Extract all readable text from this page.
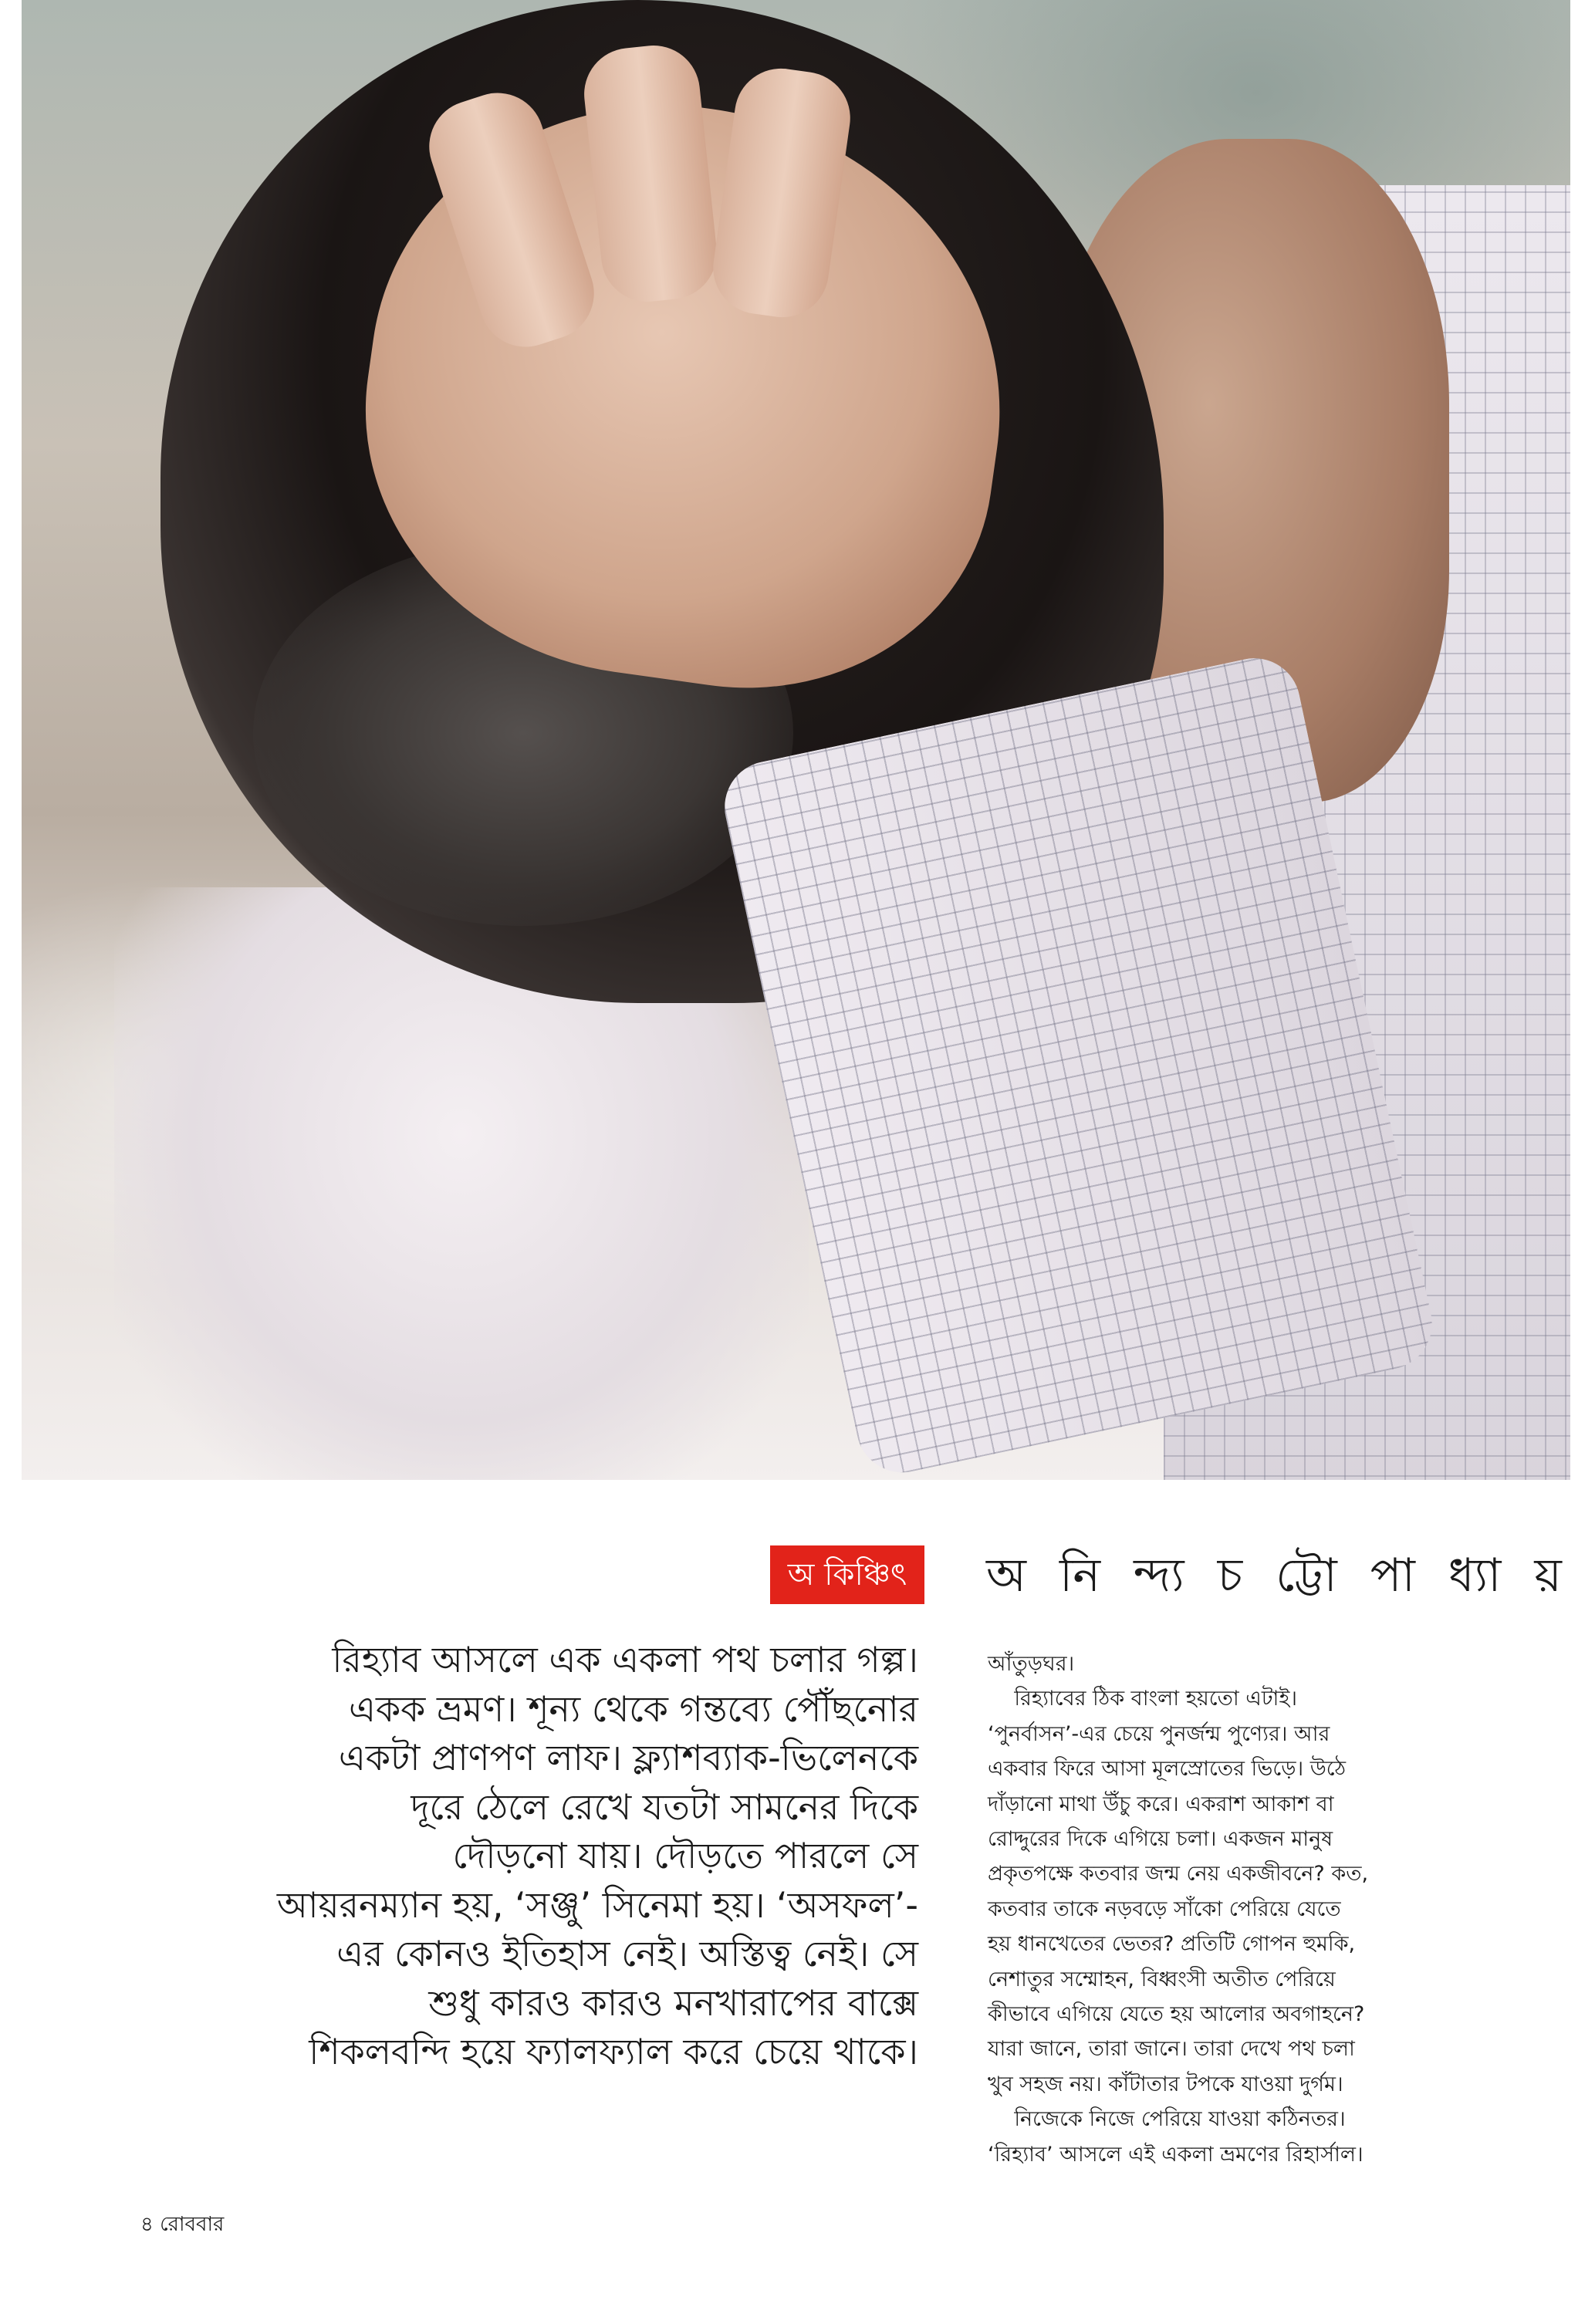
অ কিঞ্চিৎ	অ নি ন্দ্য চ ট্টো পা ধ্যা য়
রিহ্যাব আসলে এক একলা পথ চলার গল্প।
একক ভ্রমণ। শূন্য থেকে গন্তব্যে পৌঁছনোর
একটা প্রাণপণ লাফ। ফ্ল্যাশব্যাক-ভিলেনকে
দূরে ঠেলে রেখে যতটা সামনের দিকে
দৌড়নো যায়। দৌড়তে পারলে সে
আয়রনম্যান হয়, ‘সঞ্জু’ সিনেমা হয়। ‘অসফল’-
এর কোনও ইতিহাস নেই। অস্তিত্ব নেই। সে
শুধু কারও কারও মনখারাপের বাক্সে
শিকলবন্দি হয়ে ফ্যালফ্যাল করে চেয়ে থাকে।
আঁতুড়ঘর।
রিহ্যাবের ঠিক বাংলা হয়তো এটাই।
‘পুনর্বাসন’-এর চেয়ে পুনর্জন্ম পুণ্যের। আর
একবার ফিরে আসা মূলস্রোতের ভিড়ে। উঠে
দাঁড়ানো মাথা উঁচু করে। একরাশ আকাশ বা
রোদ্দুরের দিকে এগিয়ে চলা। একজন মানুষ
প্রকৃতপক্ষে কতবার জন্ম নেয় একজীবনে? কত,
কতবার তাকে নড়বড়ে সাঁকো পেরিয়ে যেতে
হয় ধানখেতের ভেতর? প্রতিটি গোপন হুমকি,
নেশাতুর সম্মোহন, বিধ্বংসী অতীত পেরিয়ে
কীভাবে এগিয়ে যেতে হয় আলোর অবগাহনে?
যারা জানে, তারা জানে। তারা দেখে পথ চলা
খুব সহজ নয়। কাঁটাতার টপকে যাওয়া দুর্গম।
নিজেকে নিজে পেরিয়ে যাওয়া কঠিনতর।
‘রিহ্যাব’ আসলে এই একলা ভ্রমণের রিহার্সাল।
৪ রোববার
